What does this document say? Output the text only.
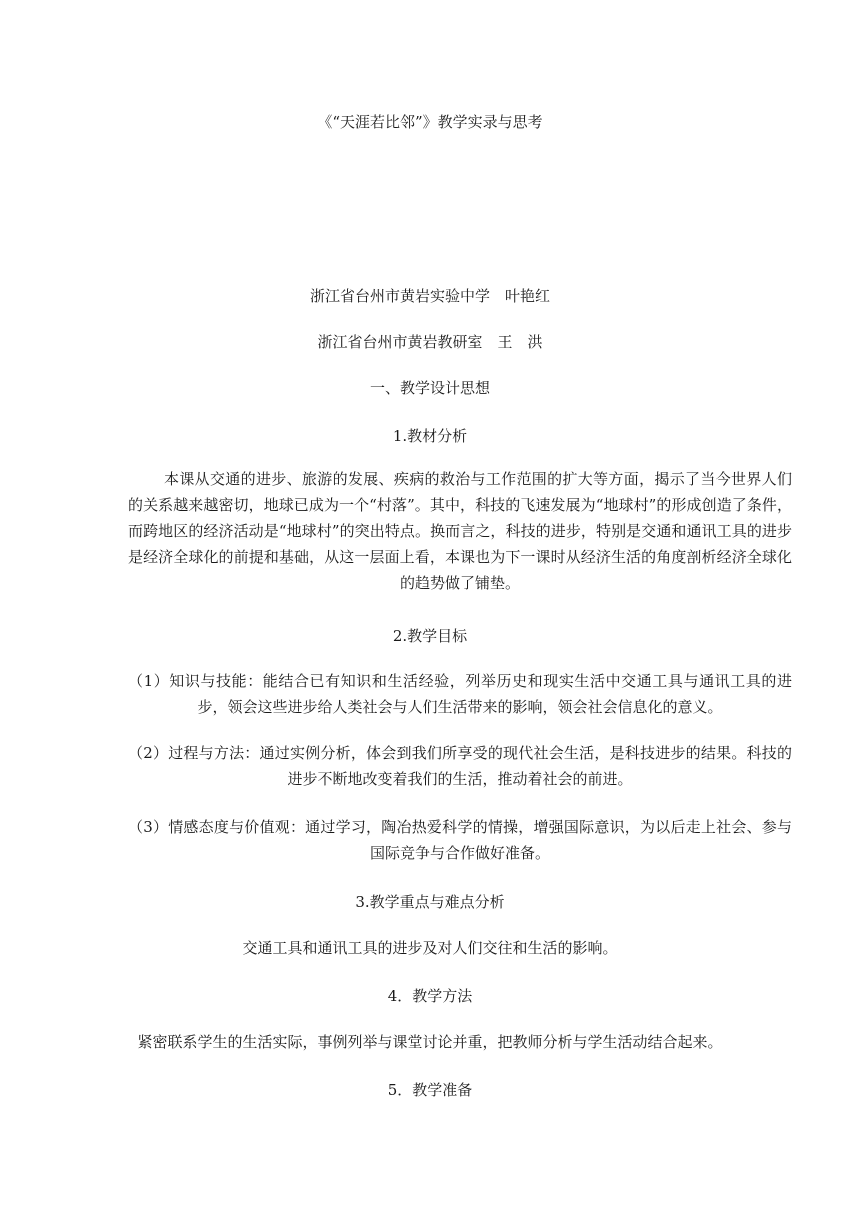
《“天涯若比邻”》教学实录与思考
浙江省台州市黄岩实验中学　叶艳红
浙江省台州市黄岩教研室　王　洪
一、教学设计思想
1.教材分析
本课从交通的进步、旅游的发展、疾病的救治与工作范围的扩大等方面，揭示了当今世界人们的关系越来越密切，地球已成为一个“村落”。其中，科技的飞速发展为“地球村”的形成创造了条件，而跨地区的经济活动是“地球村”的突出特点。换而言之，科技的进步，特别是交通和通讯工具的进步是经济全球化的前提和基础，从这一层面上看，本课也为下一课时从经济生活的角度剖析经济全球化的趋势做了铺垫。
2.教学目标
（1）知识与技能：能结合已有知识和生活经验，列举历史和现实生活中交通工具与通讯工具的进步，领会这些进步给人类社会与人们生活带来的影响，领会社会信息化的意义。
（2）过程与方法：通过实例分析，体会到我们所享受的现代社会生活，是科技进步的结果。科技的进步不断地改变着我们的生活，推动着社会的前进。
（3）情感态度与价值观：通过学习，陶冶热爱科学的情操，增强国际意识，为以后走上社会、参与国际竞争与合作做好准备。
3.教学重点与难点分析
交通工具和通讯工具的进步及对人们交往和生活的影响。
4．教学方法
紧密联系学生的生活实际，事例列举与课堂讨论并重，把教师分析与学生活动结合起来。
5．教学准备
